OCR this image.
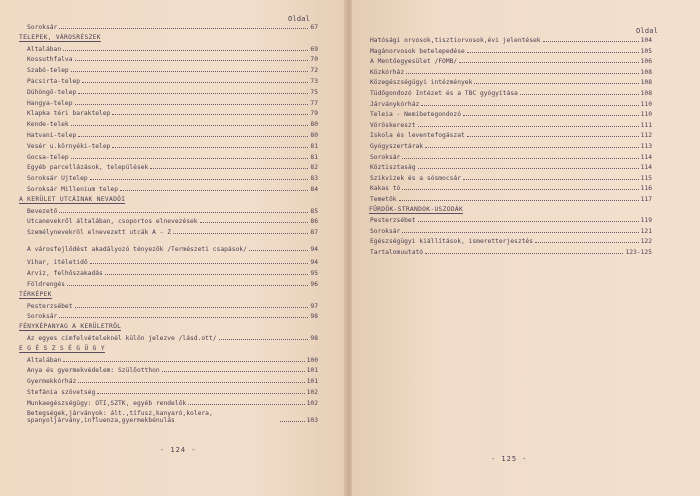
Oldal
Oldal
Soroksár	67
TELEPEK, VÁROSRÉSZEK
Általában	69
Kossuthfalva	70
Szabó-telep	72
Pacsirta-telep	73
Dühöngő-telep	75
Hangya-telep	77
Klapka téri baraktelep	79
Kende-telek	80
Hatvani-telep	80
Vesér u.környéki-telep	81
Gocsa-telep	81
Egyéb parcellázások, települések	82
Soroksár Újtelep	83
Soroksár Millenium telep	84
A KERÜLET UTCÁINAK NEVADÓI
Bevezető	85
Utcanevekről általában, csoportos elnevezések	86
Személynevekről elnevezett utcák A - Z	87
A városfejlődést akadályozó tényezők /Természeti csapások/	94
Vihar, itéletidő	94
Árvíz, felhőszakadás	95
Földrengés	96
TÉRKÉPEK
Pesterzsébet	97
Soroksár	98
FÉNYKÉPANYAG A KERÜLETRŐL
Az egyes címfelvételeknél külön jelezve /lásd.ott/	98
E G É S Z S É G Ü G Y
Általában	100
Anya és gyermekvédelem: Szülőotthon	101
Gyermekkórház	101
Stefánia szövetség	102
Munkaegészségügy: OTI,SZTK, egyéb rendelők	102
Betegségek,járványok: ált.,tífusz,kanyaró,kolera, spanyoljárvány,influenza,gyermekbénulás	103
Hatósági orvosok,tisztiorvosok,évi jelentések	104
Magánorvosok betelepedése	105
A Mentőegyesület /FŐMB/	106
Közkórház	108
Közegészségügyi intézmények	108
Tüdőgondozó Intézet és a TBC gyógyítása	108
Járványkórház	110
Teleia - Nemibetegondozó	110
Vöröskereszt	111
Iskola és leventefogászat	112
Gyógyszertárak	113
Soroksár	114
Köztisztaság	114
Szikvizek és a sósmocsár	115
Kakas tó	116
Temetők	117
FÜRDŐK-STRANDOK-USZODÁK
Pesterzsébet	119
Soroksár	121
Egészségügyi kiállítások, ismeretterjesztés	122
Tartalomuutató	123-125
- 124 -
- 125 -
